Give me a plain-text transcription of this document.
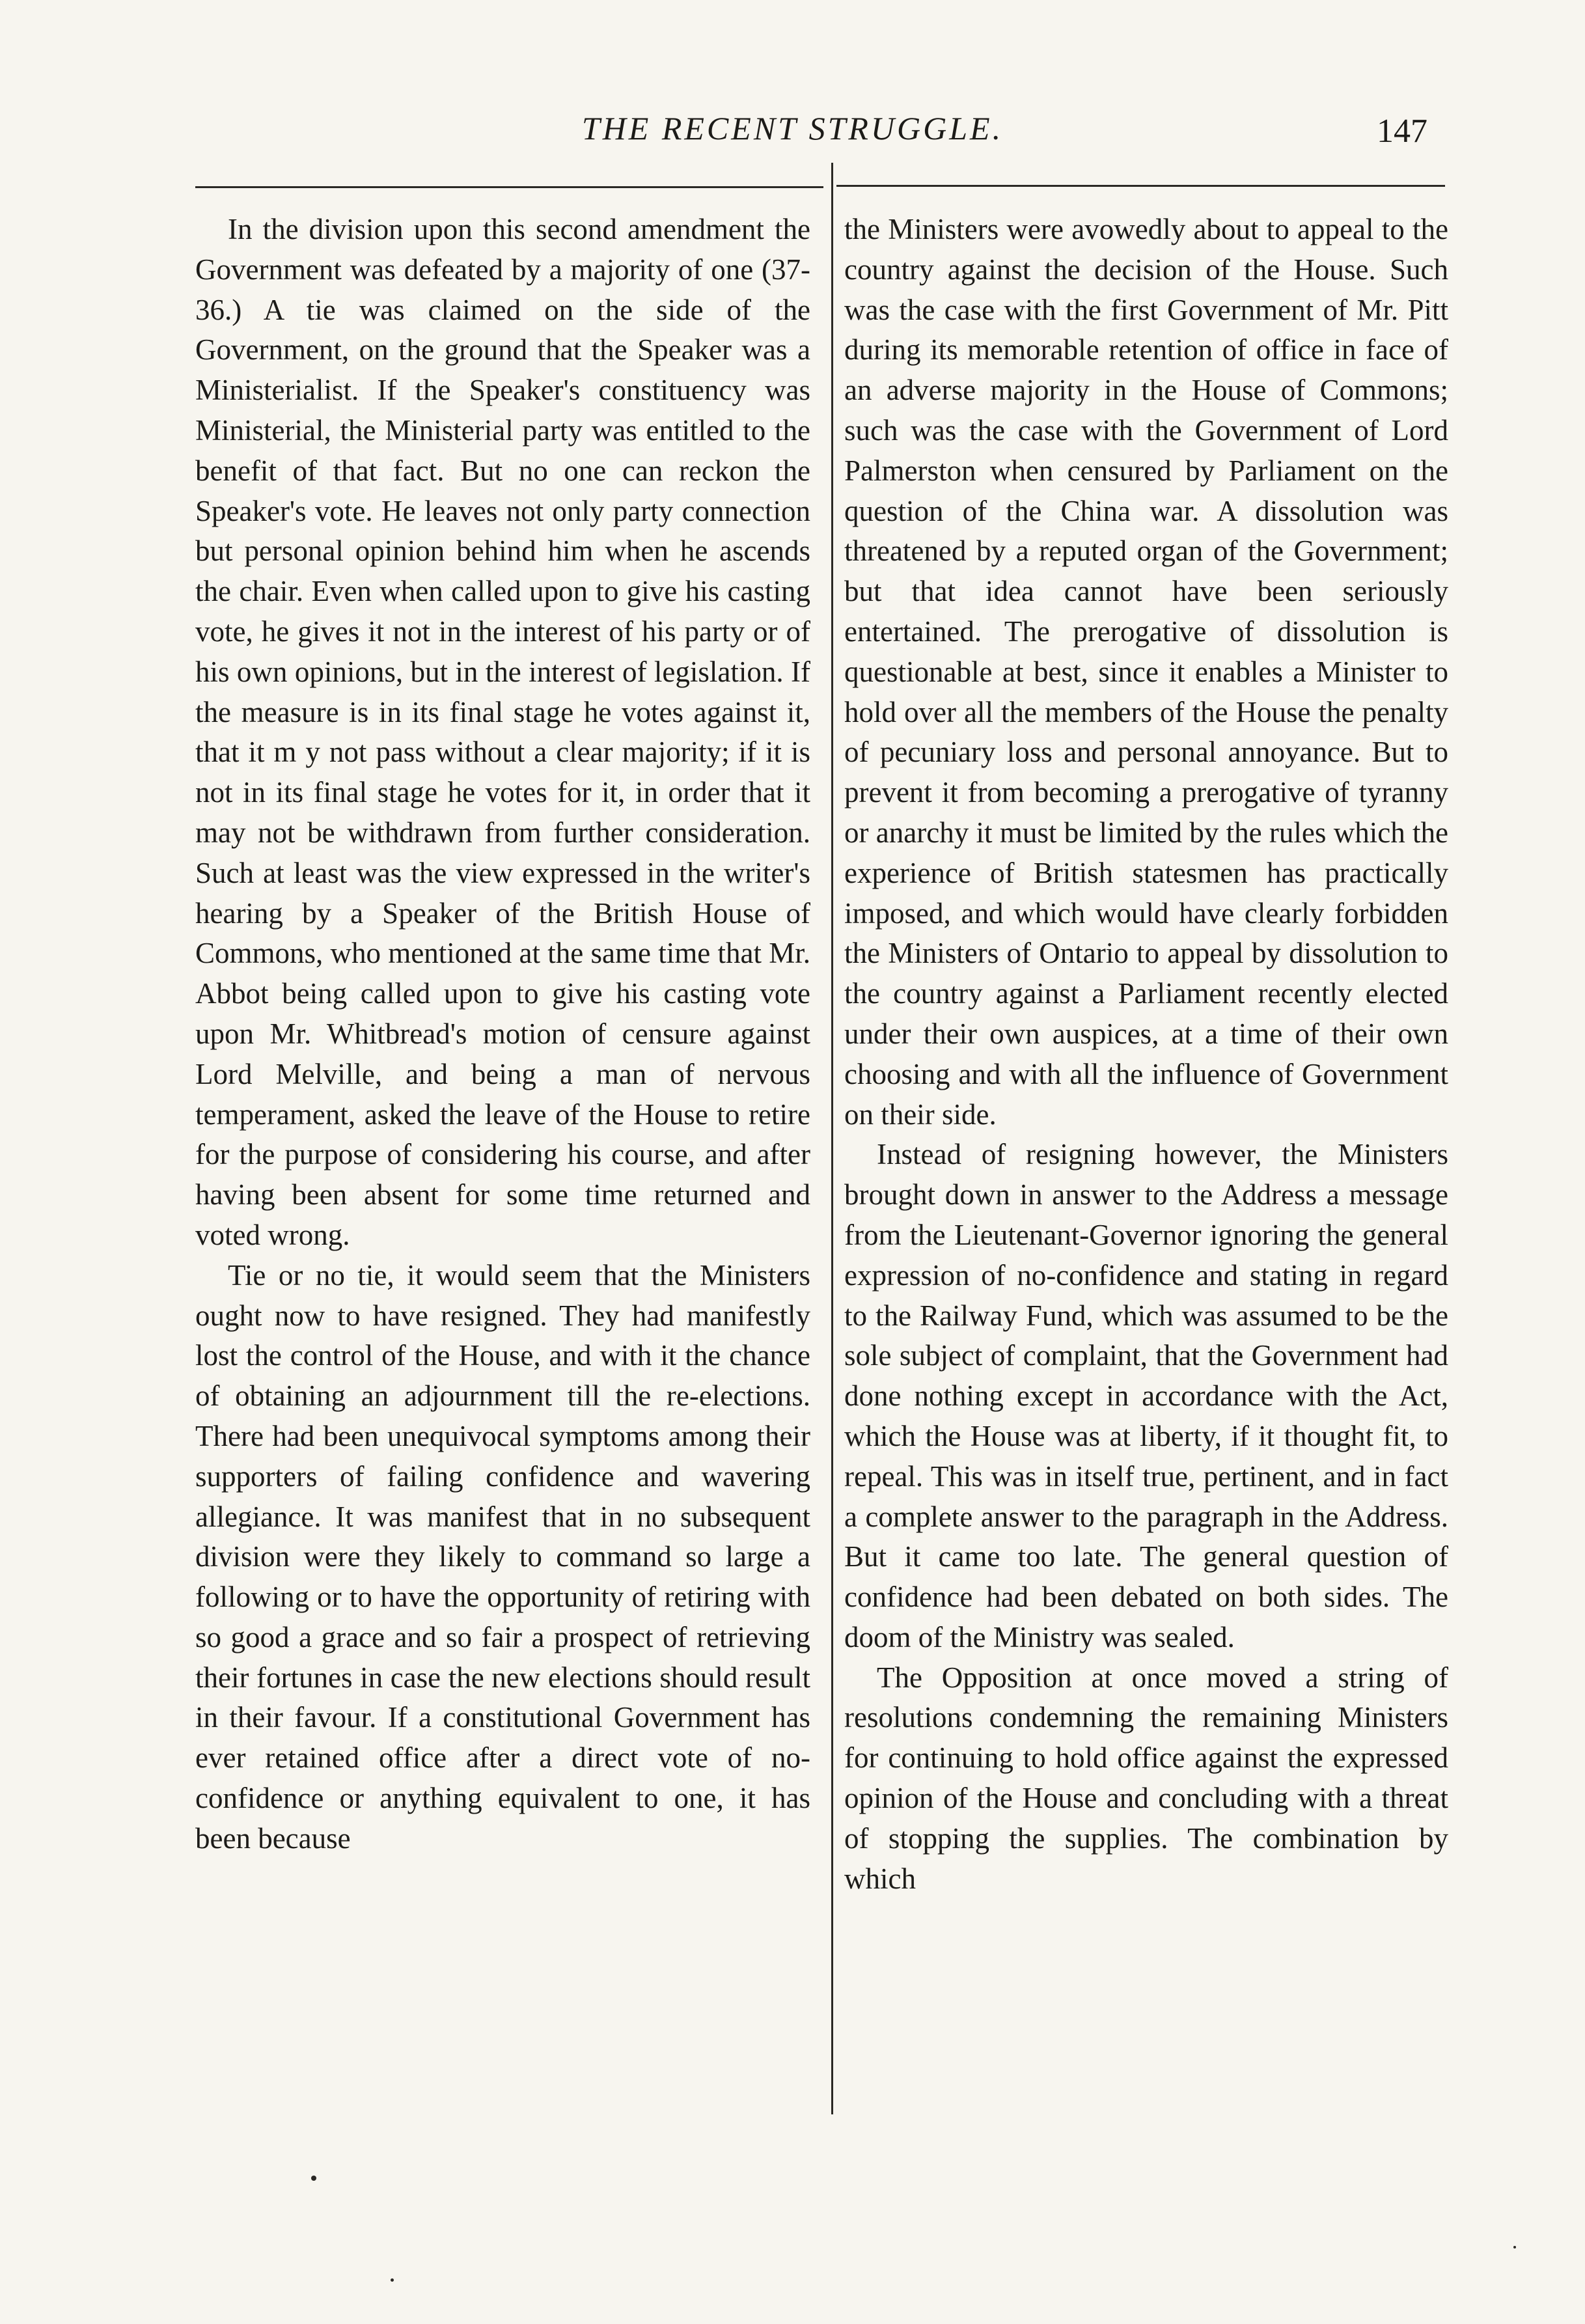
THE RECENT STRUGGLE.	147

In the division upon this second amendment the Government was defeated by a majority of one (37-36.) A tie was claimed on the side of the Government, on the ground that the Speaker was a Ministerialist. If the Speaker's constituency was Ministerial, the Ministerial party was entitled to the benefit of that fact. But no one can reckon the Speaker's vote. He leaves not only party connection but personal opinion behind him when he ascends the chair. Even when called upon to give his casting vote, he gives it not in the interest of his party or of his own opinions, but in the interest of legislation. If the measure is in its final stage he votes against it, that it m y not pass without a clear majority; if it is not in its final stage he votes for it, in order that it may not be withdrawn from further consideration. Such at least was the view expressed in the writer's hearing by a Speaker of the British House of Commons, who mentioned at the same time that Mr. Abbot being called upon to give his casting vote upon Mr. Whitbread's motion of censure against Lord Melville, and being a man of nervous temperament, asked the leave of the House to retire for the purpose of considering his course, and after having been absent for some time returned and voted wrong.

Tie or no tie, it would seem that the Ministers ought now to have resigned. They had manifestly lost the control of the House, and with it the chance of obtaining an adjournment till the re-elections. There had been unequivocal symptoms among their supporters of failing confidence and wavering allegiance. It was manifest that in no subsequent division were they likely to command so large a following or to have the opportunity of retiring with so good a grace and so fair a prospect of retrieving their fortunes in case the new elections should result in their favour. If a constitutional Government has ever retained office after a direct vote of no-confidence or anything equivalent to one, it has been because

the Ministers were avowedly about to appeal to the country against the decision of the House. Such was the case with the first Government of Mr. Pitt during its memorable retention of office in face of an adverse majority in the House of Commons; such was the case with the Government of Lord Palmerston when censured by Parliament on the question of the China war. A dissolution was threatened by a reputed organ of the Government; but that idea cannot have been seriously entertained. The prerogative of dissolution is questionable at best, since it enables a Minister to hold over all the members of the House the penalty of pecuniary loss and personal annoyance. But to prevent it from becoming a prerogative of tyranny or anarchy it must be limited by the rules which the experience of British statesmen has practically imposed, and which would have clearly forbidden the Ministers of Ontario to appeal by dissolution to the country against a Parliament recently elected under their own auspices, at a time of their own choosing and with all the influence of Government on their side.

Instead of resigning however, the Ministers brought down in answer to the Address a message from the Lieutenant-Governor ignoring the general expression of no-confidence and stating in regard to the Railway Fund, which was assumed to be the sole subject of complaint, that the Government had done nothing except in accordance with the Act, which the House was at liberty, if it thought fit, to repeal. This was in itself true, pertinent, and in fact a complete answer to the paragraph in the Address. But it came too late. The general question of confidence had been debated on both sides. The doom of the Ministry was sealed.

The Opposition at once moved a string of resolutions condemning the remaining Ministers for continuing to hold office against the expressed opinion of the House and concluding with a threat of stopping the supplies. The combination by which
